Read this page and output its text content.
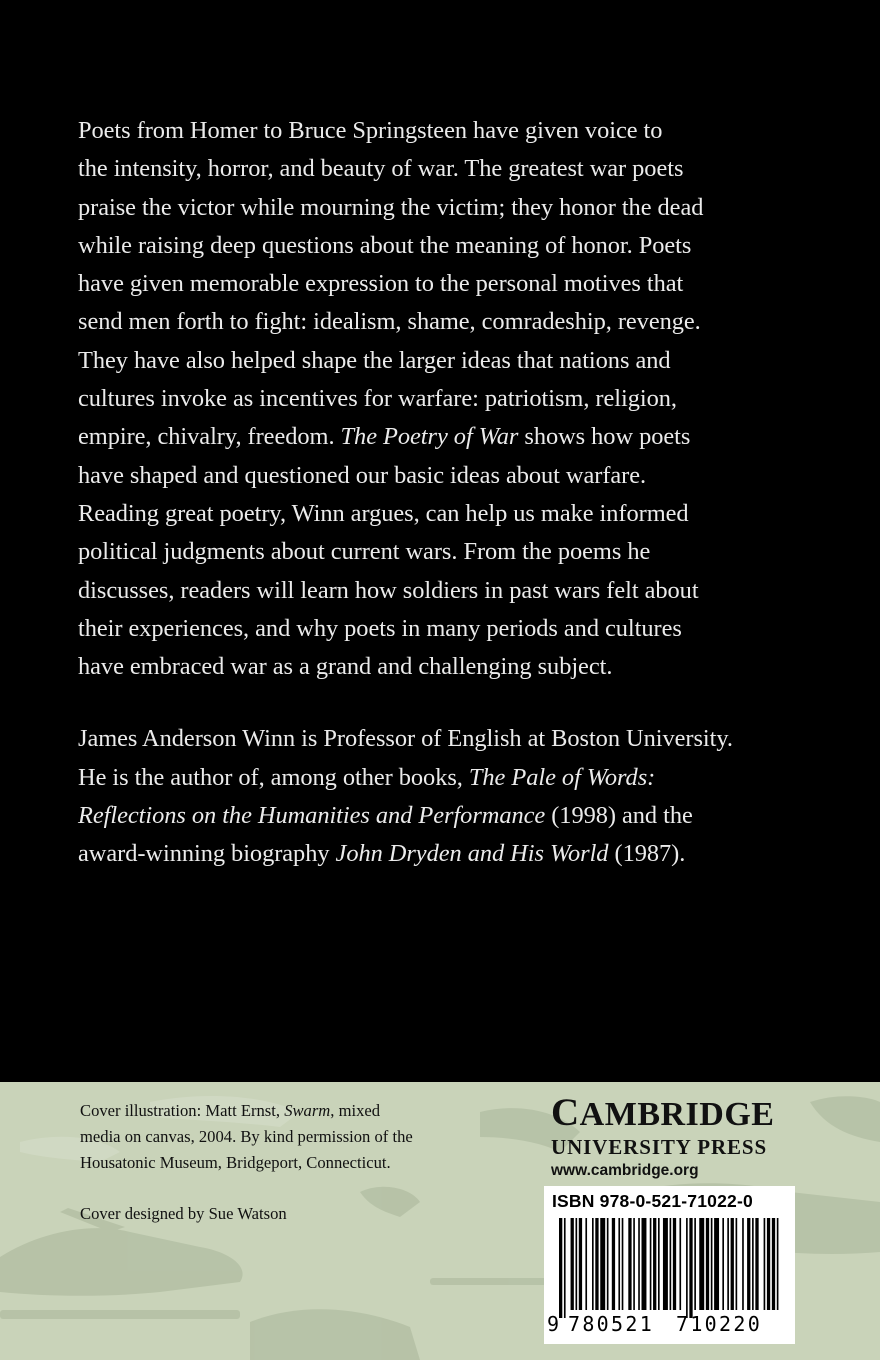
Poets from Homer to Bruce Springsteen have given voice to
the intensity, horror, and beauty of war. The greatest war poets
praise the victor while mourning the victim; they honor the dead
while raising deep questions about the meaning of honor. Poets
have given memorable expression to the personal motives that
send men forth to fight: idealism, shame, comradeship, revenge.
They have also helped shape the larger ideas that nations and
cultures invoke as incentives for warfare: patriotism, religion,
empire, chivalry, freedom. The Poetry of War shows how poets
have shaped and questioned our basic ideas about warfare.
Reading great poetry, Winn argues, can help us make informed
political judgments about current wars. From the poems he
discusses, readers will learn how soldiers in past wars felt about
their experiences, and why poets in many periods and cultures
have embraced war as a grand and challenging subject.

James Anderson Winn is Professor of English at Boston University.
He is the author of, among other books, The Pale of Words:
Reflections on the Humanities and Performance (1998) and the
award-winning biography John Dryden and His World (1987).

Cover illustration: Matt Ernst, Swarm, mixed
media on canvas, 2004. By kind permission of the
Housatonic Museum, Bridgeport, Connecticut.
Cover designed by Sue Watson
CAMBRIDGE
UNIVERSITY PRESS
www.cambridge.org
ISBN 978-0-521-71022-0
9 780521 710220
